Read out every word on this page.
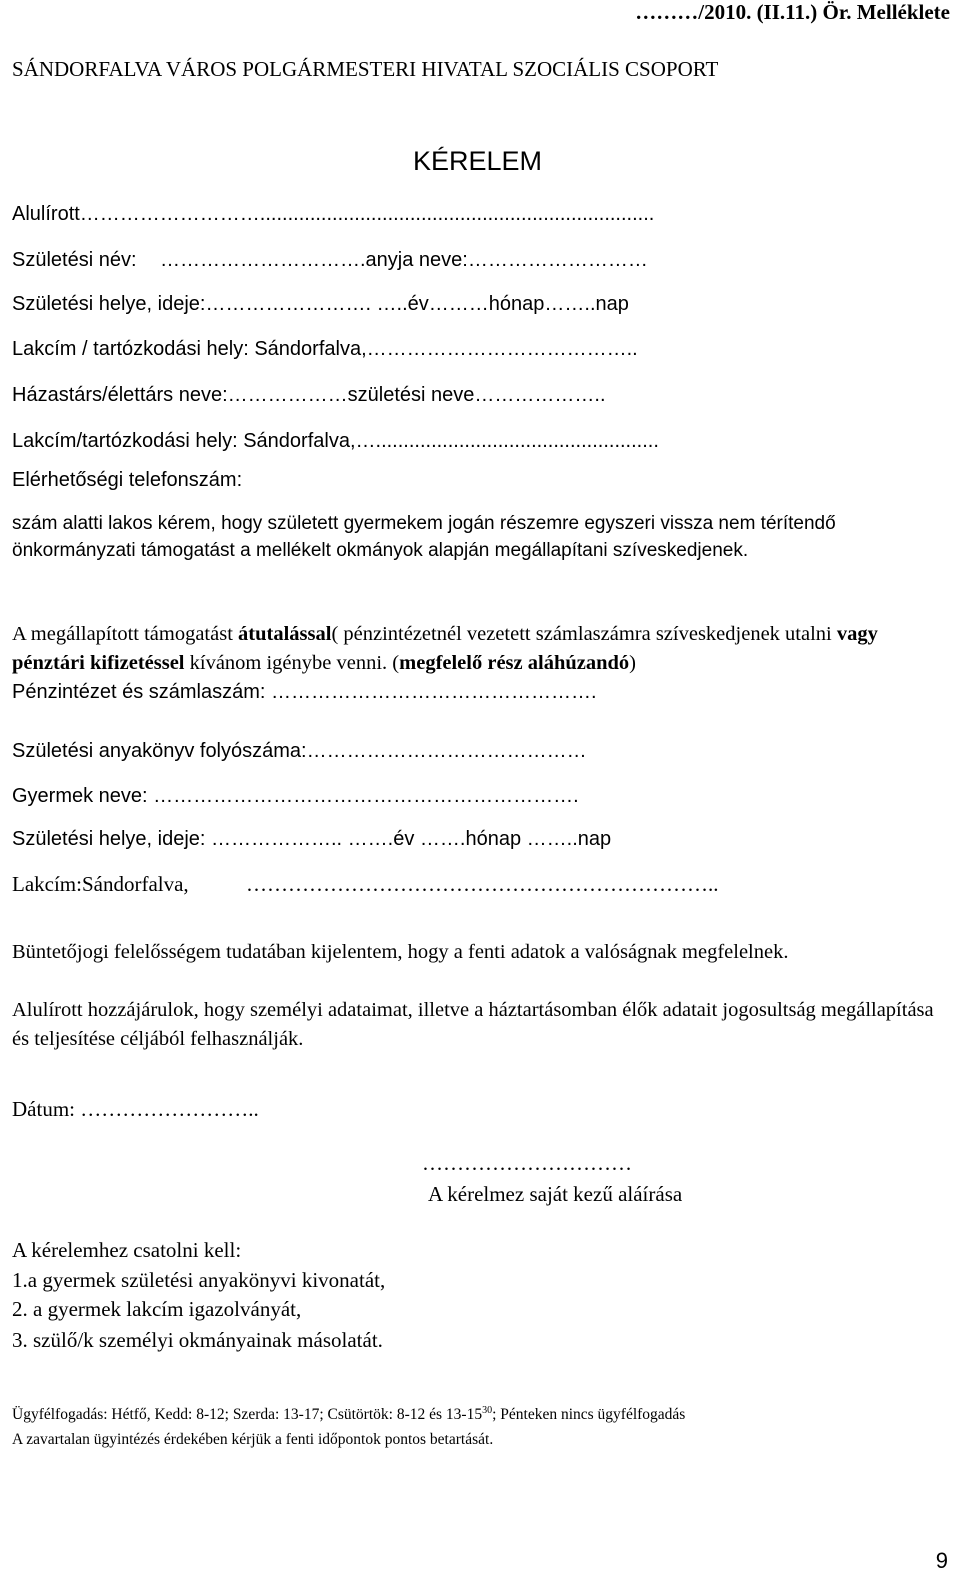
………/2010. (II.11.) Ör. Melléklete
SÁNDORFALVA VÁROS POLGÁRMESTERI HIVATAL SZOCIÁLIS CSOPORT
KÉRELEM
Alulírott……………………….......................................................................
Születési név: ………………………….anyja neve:………………………
Születési helye, ideje:……………………. …..év………hónap……..nap
Lakcím / tartózkodási hely: Sándorfalva,…………………………………..
Házastárs/élettárs neve:………………születési neve………………..
Lakcím/tartózkodási hely: Sándorfalva,…...................................................
Elérhetőségi telefonszám:
szám alatti lakos kérem, hogy született gyermekem jogán részemre egyszeri vissza nem térítendő önkormányzati támogatást a mellékelt okmányok alapján megállapítani szíveskedjenek.
A megállapított támogatást átutalással( pénzintézetnél vezetett számlaszámra szíveskedjenek utalni vagy pénztári kifizetéssel kívánom igénybe venni. (megfelelő rész aláhúzandó)
Pénzintézet és számlaszám: ………………………………………….
Születési anyakönyv folyószáma:……………………………………
Gyermek neve: ……………………………………………………….
Születési helye, ideje: ……………….. …….év …….hónap ……..nap
Lakcím:Sándorfalva,	…………………………………………………………..
Büntetőjogi felelősségem tudatában kijelentem, hogy a fenti adatok a valóságnak megfelelnek.
Alulírott hozzájárulok, hogy személyi adataimat, illetve a háztartásomban élők adatait jogosultság megállapítása és teljesítése céljából felhasználják.
Dátum: ……………………..
…………………………
A kérelmez saját kezű aláírása
A kérelemhez csatolni kell:
1.a gyermek születési anyakönyvi kivonatát,
2. a gyermek lakcím igazolványát,
3. szülő/k személyi okmányainak másolatát.
Ügyfélfogadás: Hétfő, Kedd: 8-12; Szerda: 13-17; Csütörtök: 8-12 és $13-15^{30}$; Pénteken nincs ügyfélfogadás
A zavartalan ügyintézés érdekében kérjük a fenti időpontok pontos betartását.
9
